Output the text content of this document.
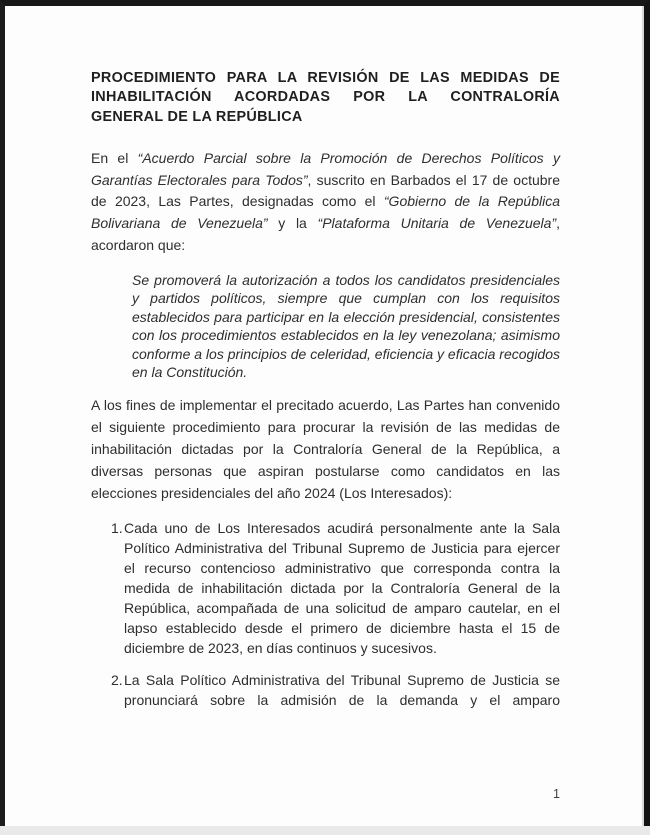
PROCEDIMIENTO PARA LA REVISIÓN DE LAS MEDIDAS DE
INHABILITACIÓN ACORDADAS POR LA CONTRALORÍA
GENERAL DE LA REPÚBLICA

En el “Acuerdo Parcial sobre la Promoción de Derechos Políticos y Garantías Electorales para Todos”, suscrito en Barbados el 17 de octubre de 2023, Las Partes, designadas como el “Gobierno de la República Bolivariana de Venezuela” y la “Plataforma Unitaria de Venezuela”, acordaron que:

Se promoverá la autorización a todos los candidatos presidenciales y partidos políticos, siempre que cumplan con los requisitos establecidos para participar en la elección presidencial, consistentes con los procedimientos establecidos en la ley venezolana; asimismo conforme a los principios de celeridad, eficiencia y eficacia recogidos en la Constitución.

A los fines de implementar el precitado acuerdo, Las Partes han convenido el siguiente procedimiento para procurar la revisión de las medidas de inhabilitación dictadas por la Contraloría General de la República, a diversas personas que aspiran postularse como candidatos en las elecciones presidenciales del año 2024 (Los Interesados):

1. Cada uno de Los Interesados acudirá personalmente ante la Sala Político Administrativa del Tribunal Supremo de Justicia para ejercer el recurso contencioso administrativo que corresponda contra la medida de inhabilitación dictada por la Contraloría General de la República, acompañada de una solicitud de amparo cautelar, en el lapso establecido desde el primero de diciembre hasta el 15 de diciembre de 2023, en días continuos y sucesivos.
2. La Sala Político Administrativa del Tribunal Supremo de Justicia se pronunciará sobre la admisión de la demanda y el amparo
1
